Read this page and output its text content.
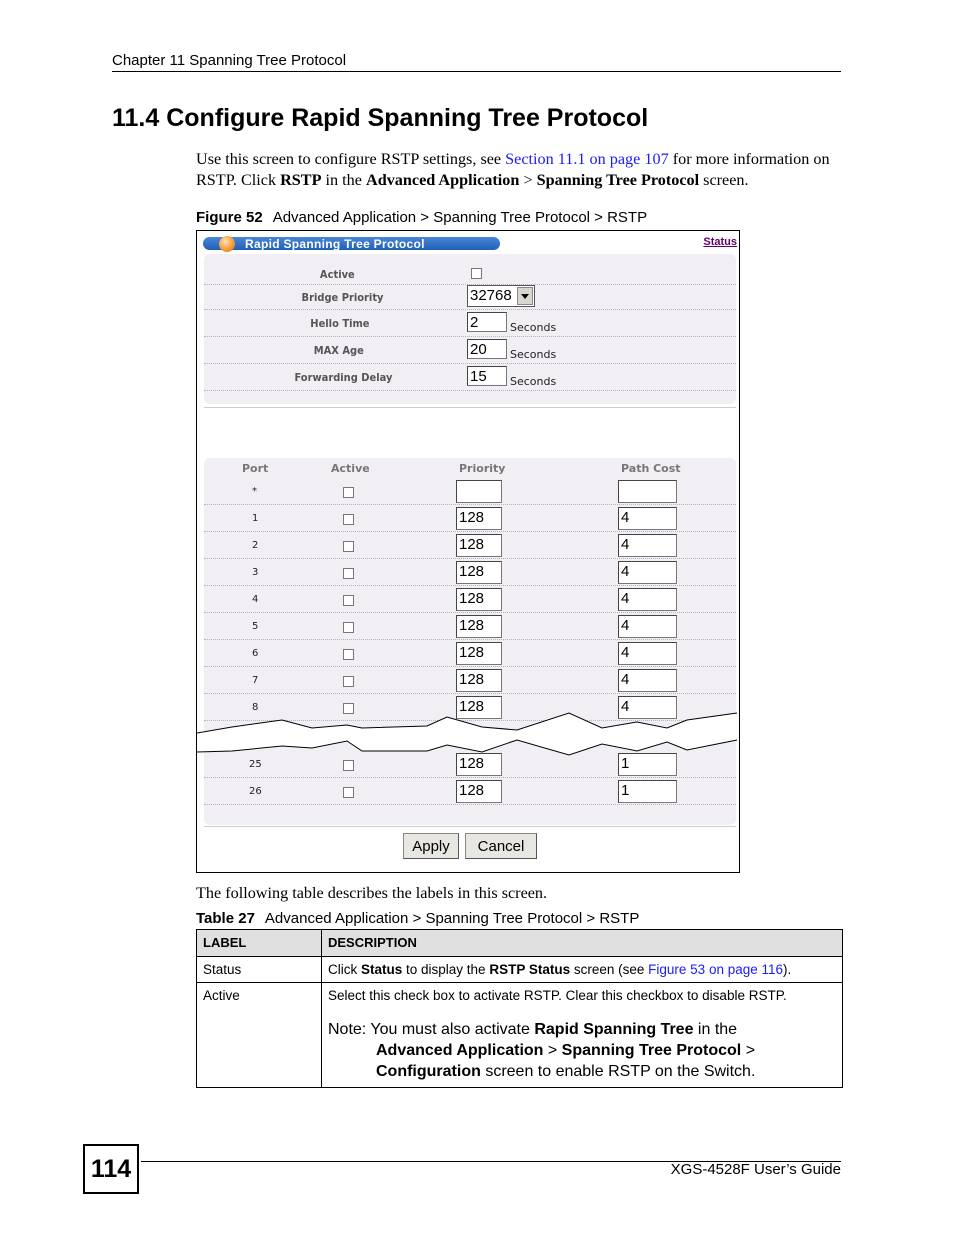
Chapter 11 Spanning Tree Protocol
11.4 Configure Rapid Spanning Tree Protocol
Use this screen to configure RSTP settings, see Section 11.1 on page 107 for more information on RSTP. Click RSTP in the Advanced Application > Spanning Tree Protocol screen.
Figure 52 Advanced Application > Spanning Tree Protocol > RSTP
Rapid Spanning Tree Protocol	Status
Active
Bridge Priority	32768
Hello Time	2	Seconds
MAX Age	20	Seconds
Forwarding Delay	15	Seconds
Port	Active	Priority	Path Cost
Apply	Cancel
*
1	128	4
2	128	4
3	128	4
4	128	4
5	128	4
6	128	4
7	128	4
8	128	4
25	128	1
26	128	1
The following table describes the labels in this screen.
Table 27 Advanced Application > Spanning Tree Protocol > RSTP
LABEL	DESCRIPTION
Status	Click Status to display the RSTP Status screen (see Figure 53 on page 116).
Active	Select this check box to activate RSTP. Clear this checkbox to disable RSTP.
Note: You must also activate Rapid Spanning Tree in the
Advanced Application > Spanning Tree Protocol >
Configuration screen to enable RSTP on the Switch.
114	XGS-4528F User’s Guide
